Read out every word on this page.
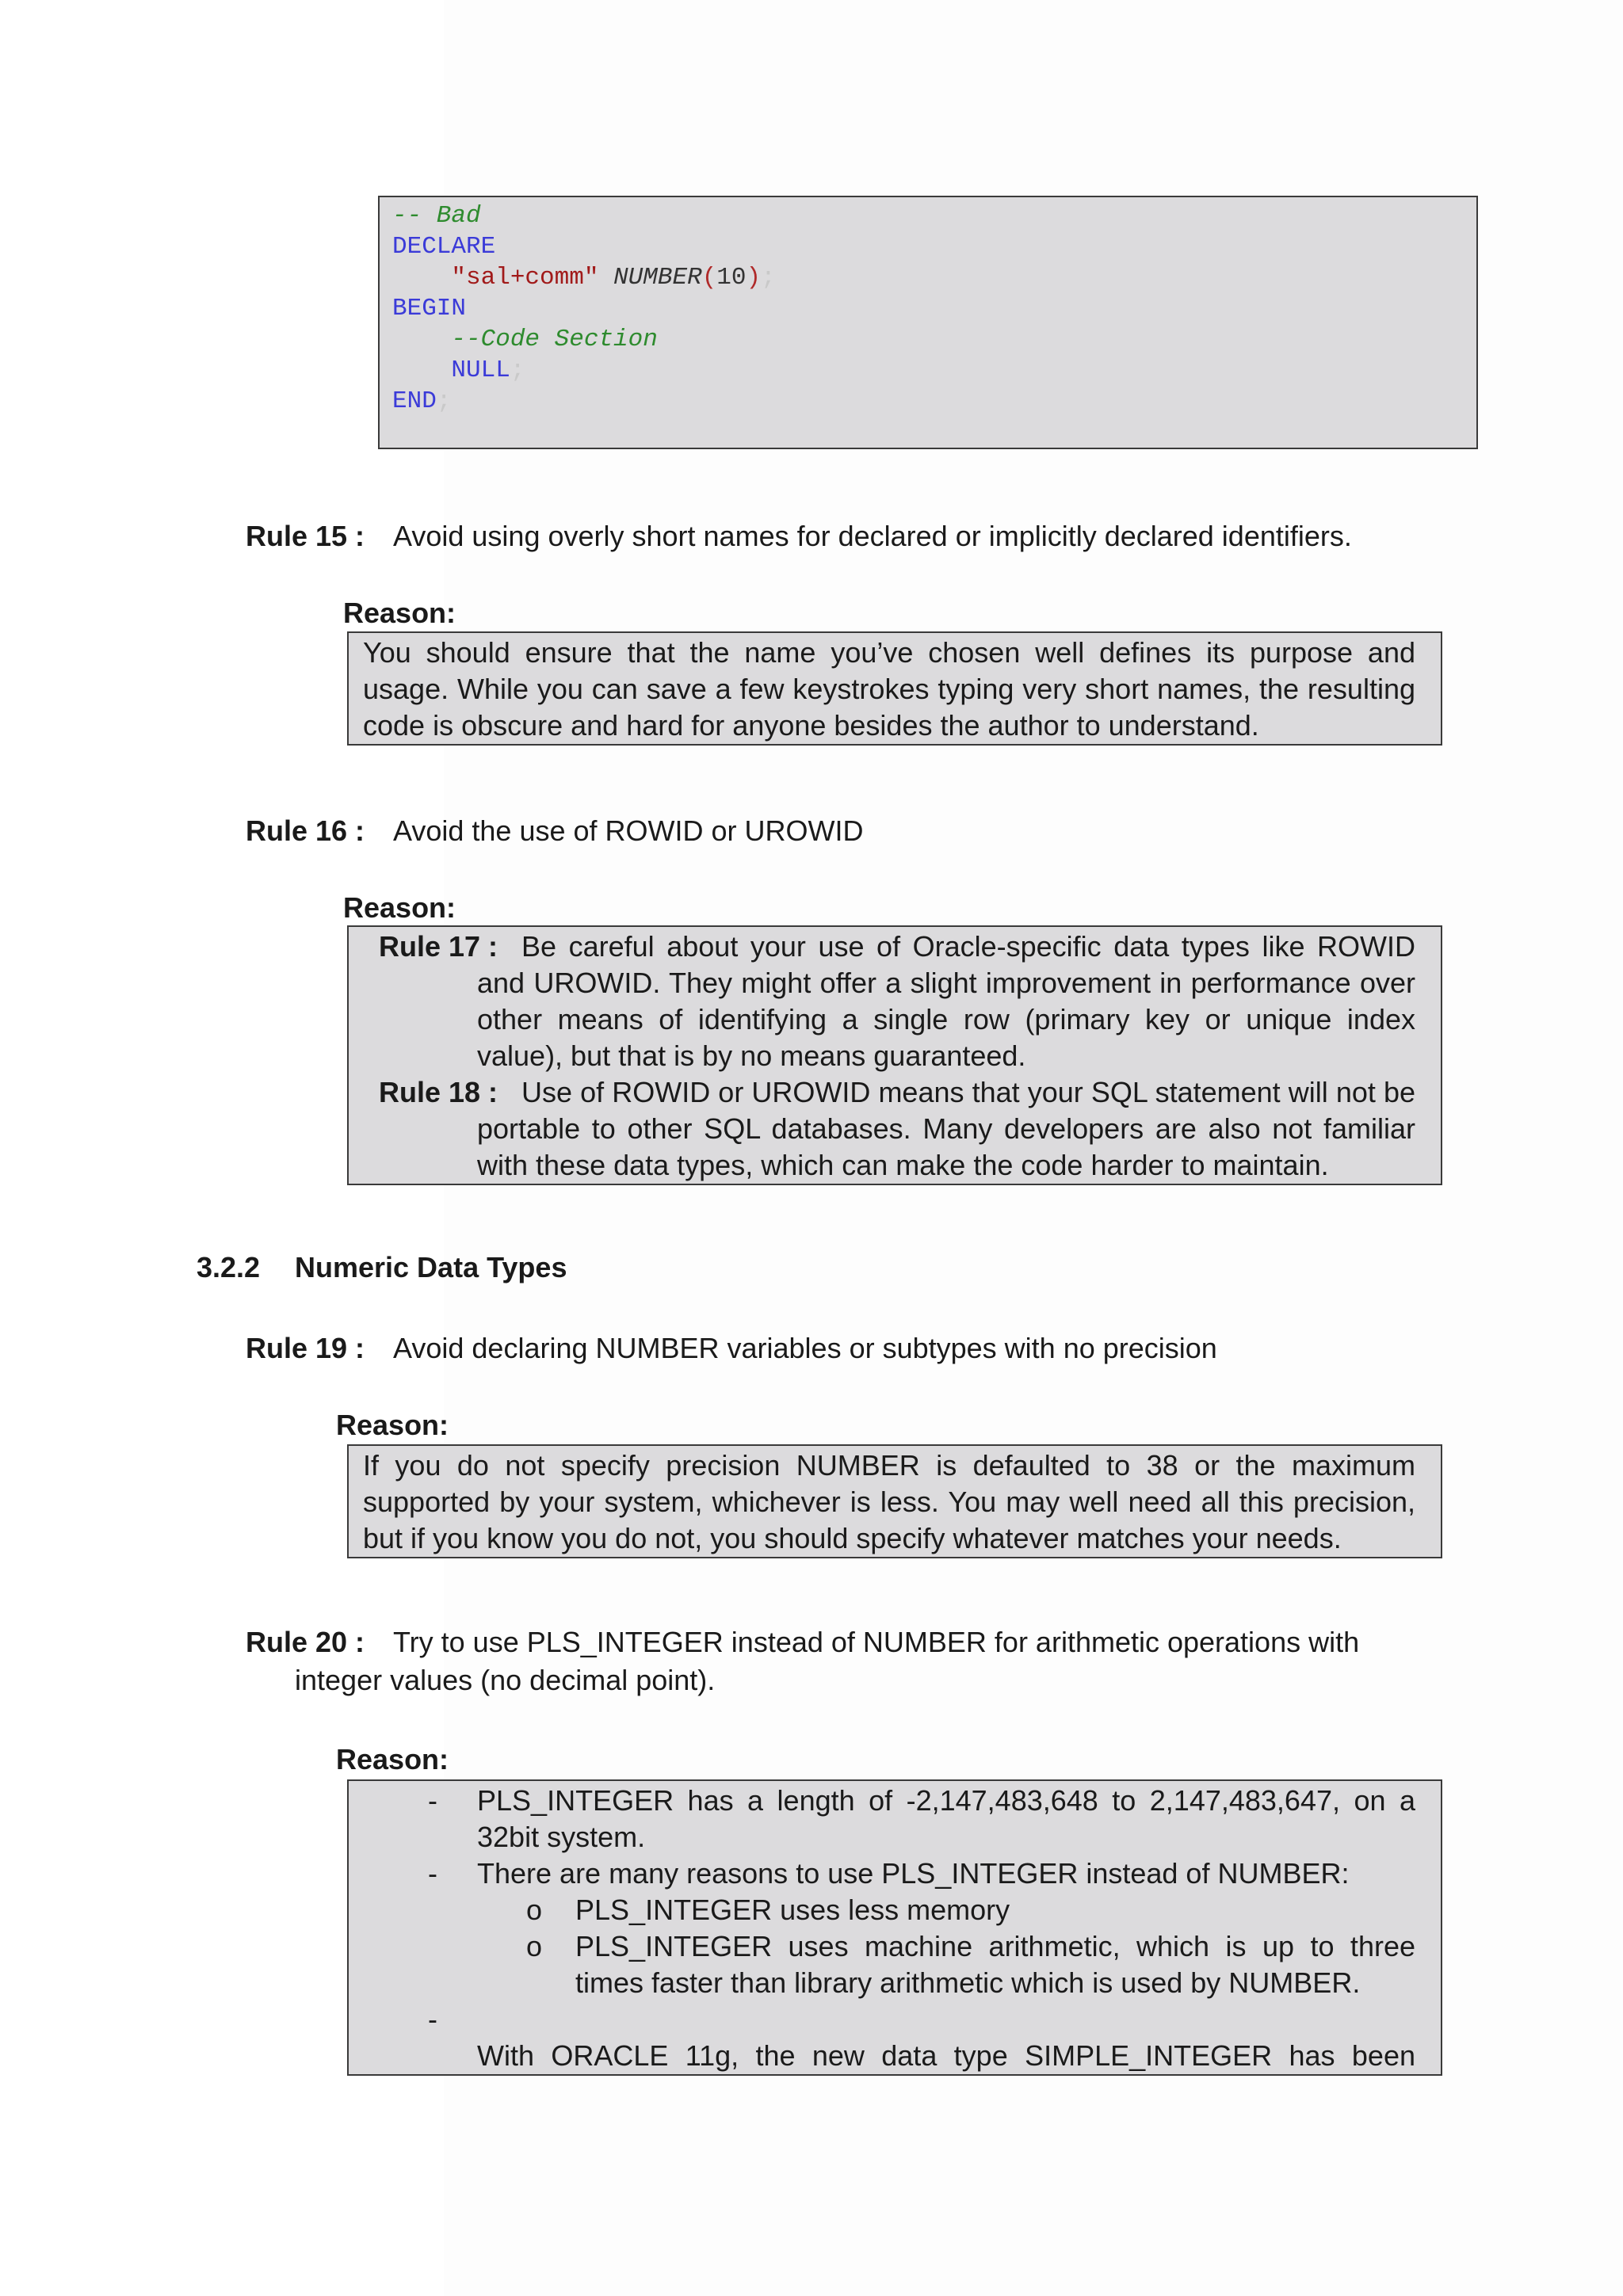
-- Bad
DECLARE
"sal+comm" NUMBER(10);
BEGIN
--Code Section
NULL;
END;
Rule 15 : Avoid using overly short names for declared or implicitly declared identifiers.
Reason:
You should ensure that the name you’ve chosen well defines its purpose and usage. While you can save a few keystrokes typing very short names, the resulting code is obscure and hard for anyone besides the author to understand.
Rule 16 : Avoid the use of ROWID or UROWID
Reason:
Rule 17 : Be careful about your use of Oracle-specific data types like ROWID and UROWID. They might offer a slight improvement in performance over other means of identifying a single row (primary key or unique index value), but that is by no means guaranteed.
Rule 18 : Use of ROWID or UROWID means that your SQL statement will not be portable to other SQL databases. Many developers are also not familiar with these data types, which can make the code harder to maintain.
3.2.2 Numeric Data Types
Rule 19 : Avoid declaring NUMBER variables or subtypes with no precision
Reason:
If you do not specify precision NUMBER is defaulted to 38 or the maximum supported by your system, whichever is less. You may well need all this precision, but if you know you do not, you should specify whatever matches your needs.
Rule 20 : Try to use PLS_INTEGER instead of NUMBER for arithmetic operations with integer values (no decimal point).
Reason:
- PLS_INTEGER has a length of -2,147,483,648 to 2,147,483,647, on a 32bit system.
- There are many reasons to use PLS_INTEGER instead of NUMBER:
o PLS_INTEGER uses less memory
o PLS_INTEGER uses machine arithmetic, which is up to three times faster than library arithmetic which is used by NUMBER.
-
With ORACLE 11g, the new data type SIMPLE_INTEGER has been
